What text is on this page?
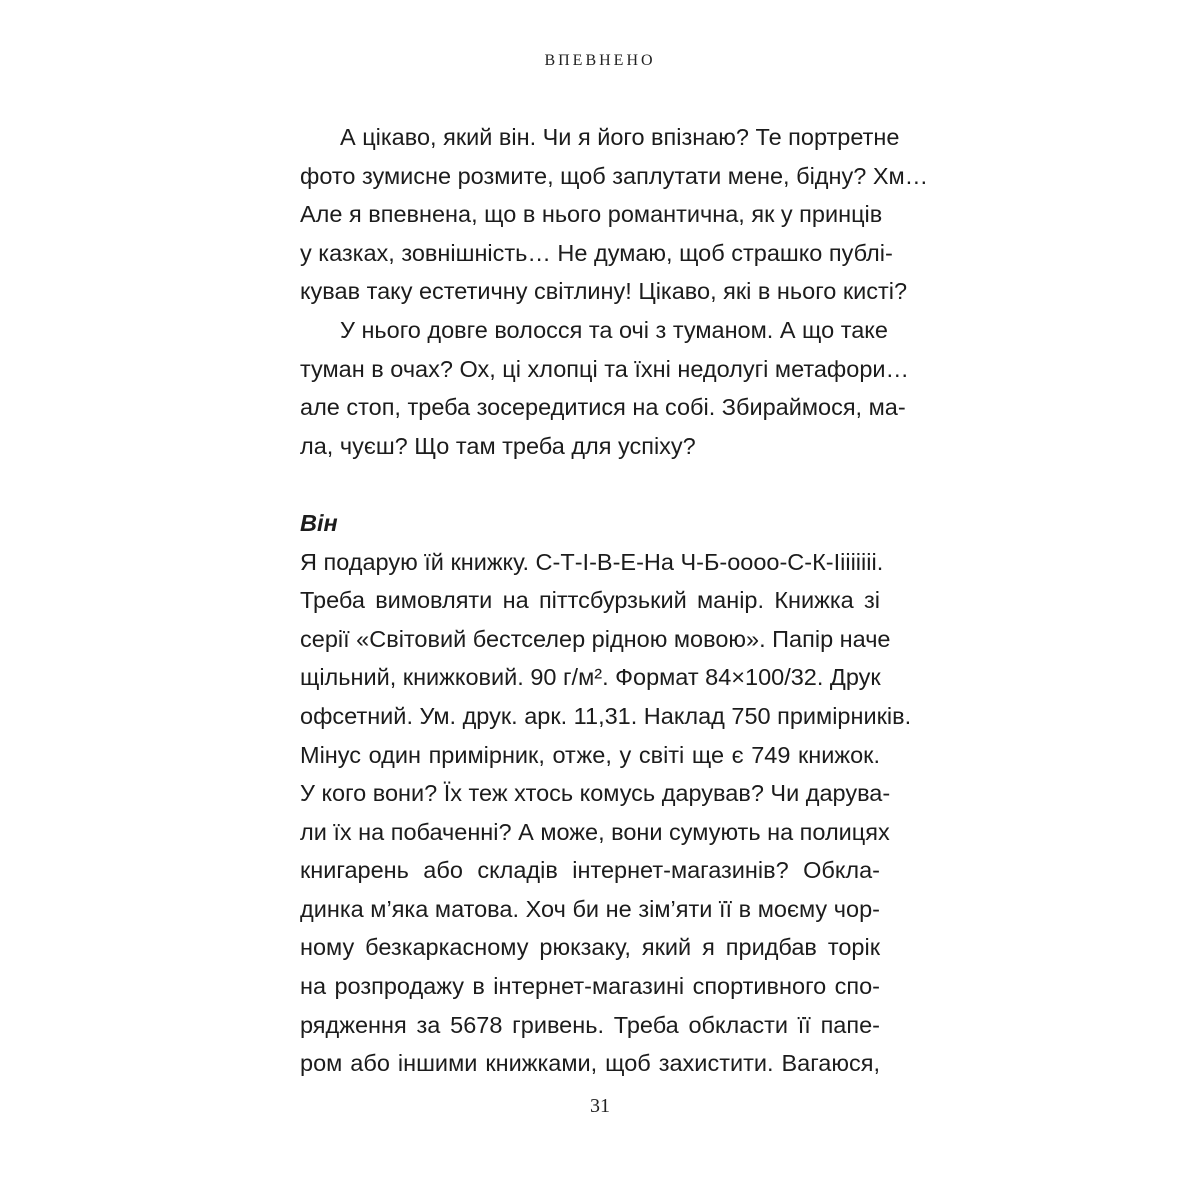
ВПЕВНЕНО
А цікаво, який він. Чи я його впізнаю? Те портретне
фото зумисне розмите, щоб заплутати мене, бідну? Хм…
Але я впевнена, що в нього романтична, як у принців
у казках, зовнішність… Не думаю, щоб страшко публі-
кував таку естетичну світлину! Цікаво, які в нього кисті?
У нього довге волосся та очі з туманом. А що таке
туман в очах? Ох, ці хлопці та їхні недолугі метафори…
але стоп, треба зосередитися на собі. Збираймося, ма-
ла, чуєш? Що там треба для успіху?
Він
Я подарую їй книжку. С-Т-І-В-Е-На Ч-Б-оооо-С-К-Іііііііі.
Треба вимовляти на піттсбурзький манір. Книжка зі
серії «Світовий бестселер рідною мовою». Папір наче
щільний, книжковий. 90 г/м². Формат 84×100/32. Друк
офсетний. Ум. друк. арк. 11,31. Наклад 750 примірників.
Мінус один примірник, отже, у світі ще є 749 книжок.
У кого вони? Їх теж хтось комусь дарував? Чи дарува-
ли їх на побаченні? А може, вони сумують на полицях
книгарень або складів інтернет-магазинів? Обкла-
динка м’яка матова. Хоч би не зім’яти її в моєму чор-
ному безкаркасному рюкзаку, який я придбав торік
на розпродажу в інтернет-магазині спортивного спо-
рядження за 5678 гривень. Треба обкласти її папе-
ром або іншими книжками, щоб захистити. Вагаюся,
31
